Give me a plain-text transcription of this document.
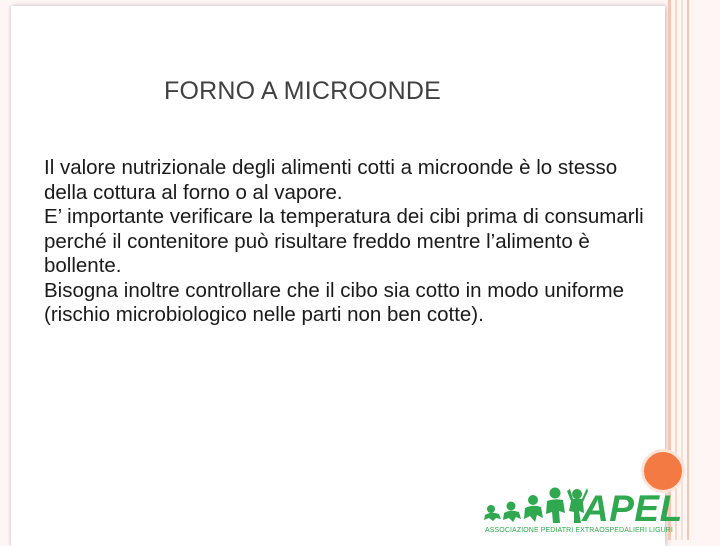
FORNO A MICROONDE

Il valore nutrizionale degli alimenti cotti a microonde è lo stesso della cottura al forno o al vapore.

E’ importante verificare la temperatura dei cibi prima di consumarli perché il contenitore può risultare freddo mentre l’alimento è bollente.

Bisogna inoltre controllare che il cibo sia cotto in modo uniforme (rischio microbiologico nelle parti non ben cotte).

APEL
ASSOCIAZIONE PEDIATRI EXTRAOSPEDALIERI LIGURI
